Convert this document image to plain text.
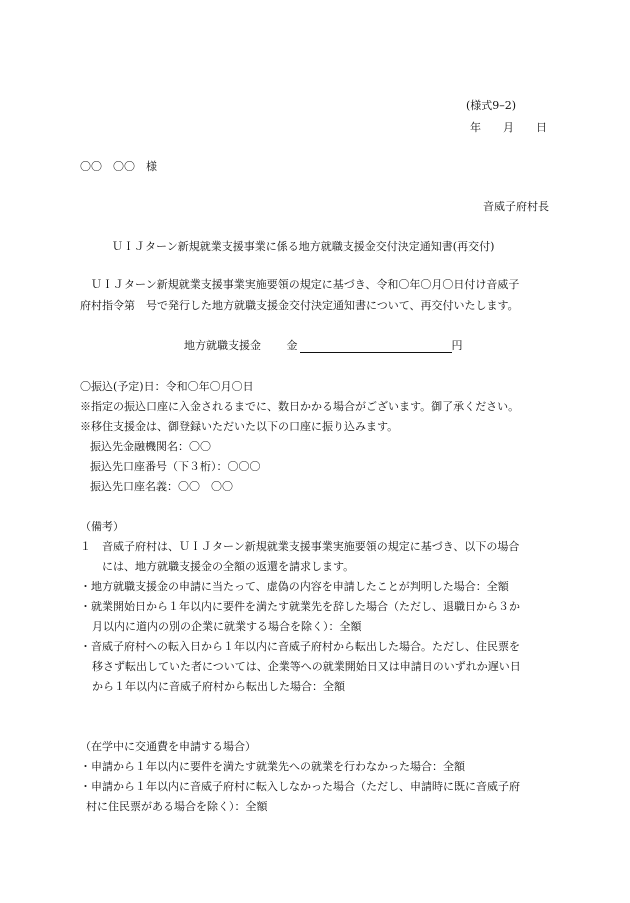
(様式9–2)
年　　月　　日
〇〇　〇〇　様
音威子府村長
ＵＩＪターン新規就業支援事業に係る地方就職支援金交付決定通知書(再交付)
　ＵＩＪターン新規就業支援事業実施要領の規定に基づき、令和〇年〇月〇日付け音威子
府村指令第　号で発行した地方就職支援金交付決定通知書について、再交付いたします。
地方就職支援金 金	円
〇振込(予定)日：令和〇年〇月〇日
※指定の振込口座に入金されるまでに、数日かかる場合がございます。御了承ください。
※移住支援金は、御登録いただいた以下の口座に振り込みます。
振込先金融機関名：〇〇
振込先口座番号（下３桁）：〇〇〇
振込先口座名義：〇〇　〇〇
（備考）
１　音威子府村は、ＵＩＪターン新規就業支援事業実施要領の規定に基づき、以下の場合
には、地方就職支援金の全額の返還を請求します。
・地方就職支援金の申請に当たって、虚偽の内容を申請したことが判明した場合：全額
・就業開始日から１年以内に要件を満たす就業先を辞した場合（ただし、退職日から３か
月以内に道内の別の企業に就業する場合を除く）：全額
・音威子府村への転入日から１年以内に音威子府村から転出した場合。ただし、住民票を
移さず転出していた者については、企業等への就業開始日又は申請日のいずれか遅い日
から１年以内に音威子府村から転出した場合：全額
（在学中に交通費を申請する場合）
・申請から１年以内に要件を満たす就業先への就業を行わなかった場合：全額
・申請から１年以内に音威子府村に転入しなかった場合（ただし、申請時に既に音威子府
村に住民票がある場合を除く）：全額
